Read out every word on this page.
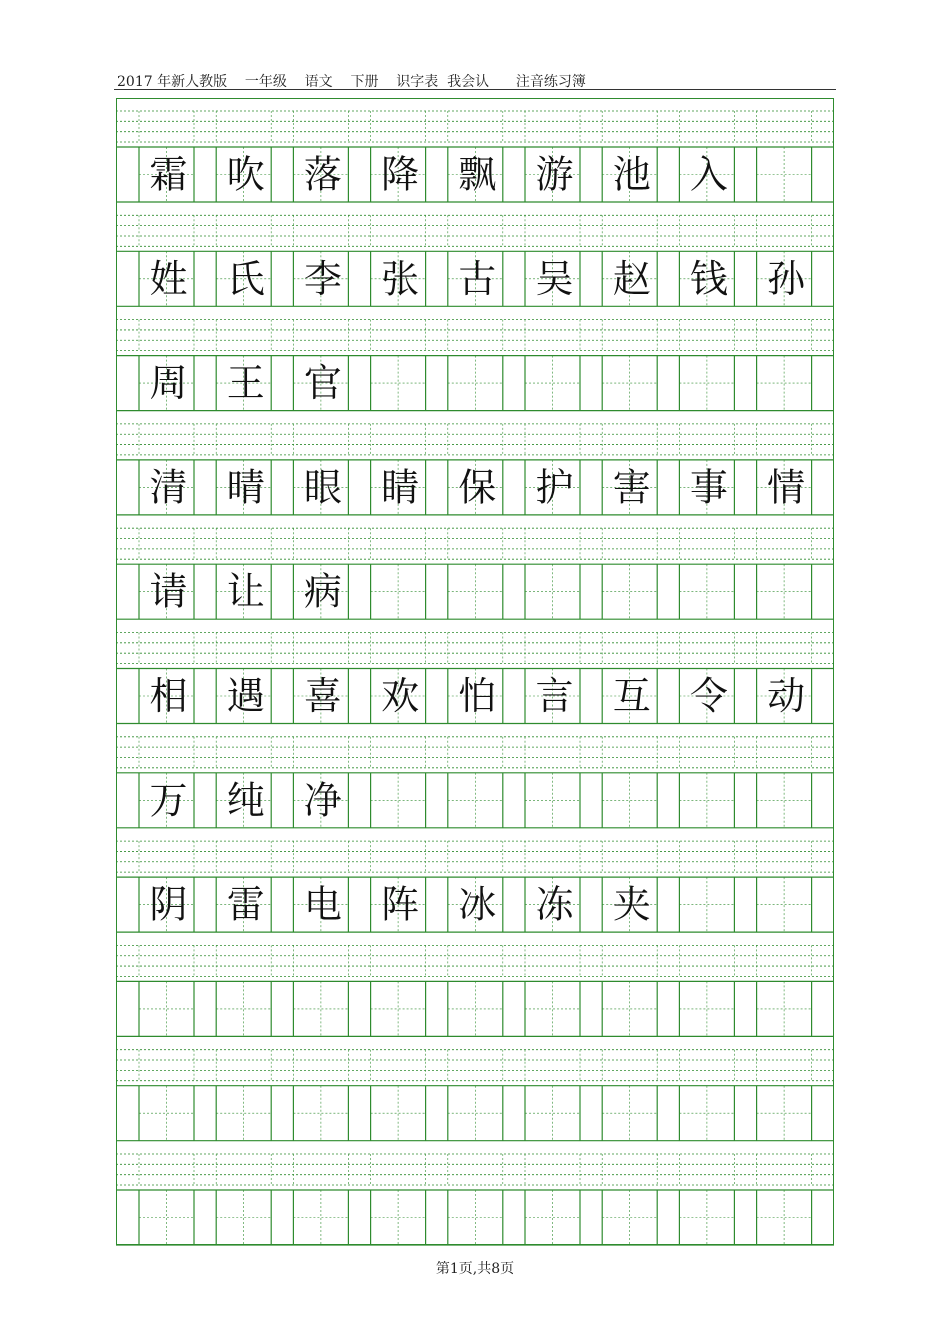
2017 年新人教版    一年级    语文    下册    识字表  我会认      注音练习簿
霜 吹 落 降 飘 游 池 入
姓 氏 李 张 古 吴 赵 钱 孙
周 王 官
清 晴 眼 睛 保 护 害 事 情
请 让 病
相 遇 喜 欢 怕 言 互 令 动
万 纯 净
阴 雷 电 阵 冰 冻 夹
第1页,共8页
